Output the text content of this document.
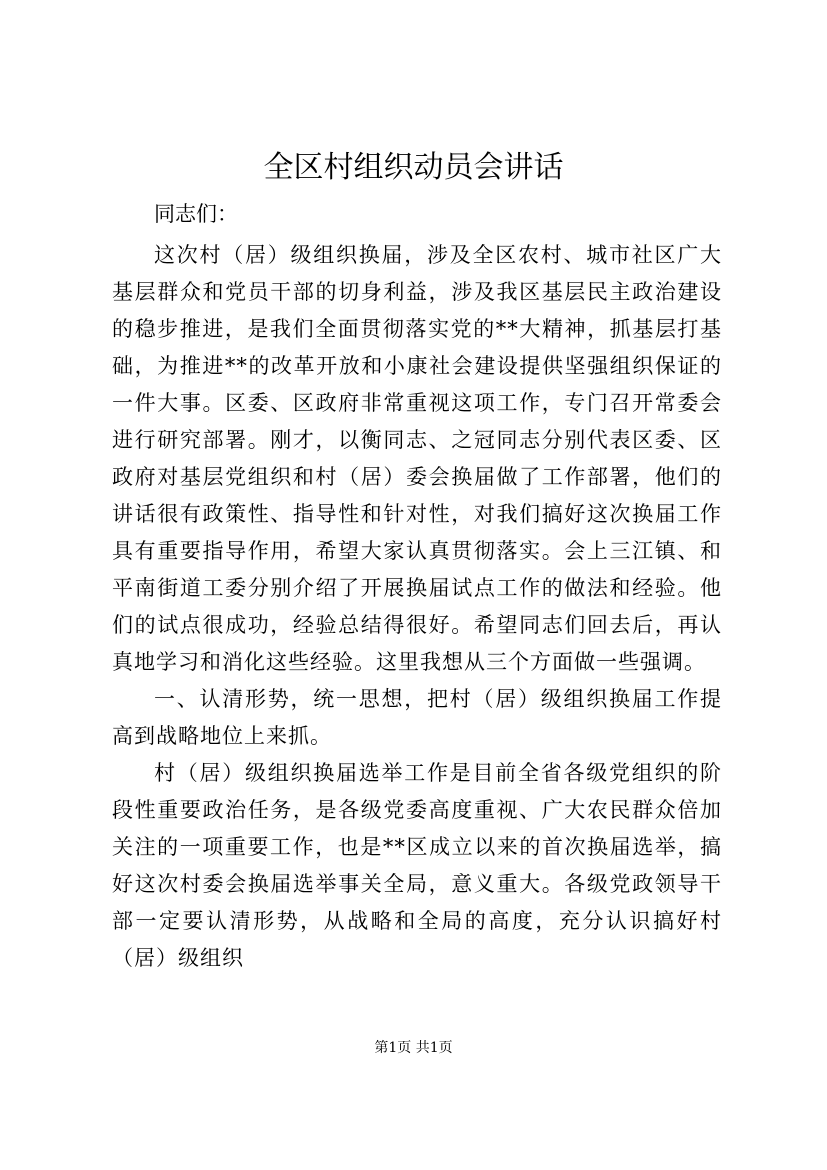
全区村组织动员会讲话

同志们：

这次村（居）级组织换届，涉及全区农村、城市社区广大基层群众和党员干部的切身利益，涉及我区基层民主政治建设的稳步推进，是我们全面贯彻落实党的**大精神，抓基层打基础，为推进**的改革开放和小康社会建设提供坚强组织保证的一件大事。区委、区政府非常重视这项工作，专门召开常委会进行研究部署。刚才，以衡同志、之冠同志分别代表区委、区政府对基层党组织和村（居）委会换届做了工作部署，他们的讲话很有政策性、指导性和针对性，对我们搞好这次换届工作具有重要指导作用，希望大家认真贯彻落实。会上三江镇、和平南街道工委分别介绍了开展换届试点工作的做法和经验。他们的试点很成功，经验总结得很好。希望同志们回去后，再认真地学习和消化这些经验。这里我想从三个方面做一些强调。

一、认清形势，统一思想，把村（居）级组织换届工作提高到战略地位上来抓。

村（居）级组织换届选举工作是目前全省各级党组织的阶段性重要政治任务，是各级党委高度重视、广大农民群众倍加关注的一项重要工作，也是**区成立以来的首次换届选举，搞好这次村委会换届选举事关全局，意义重大。各级党政领导干部一定要认清形势，从战略和全局的高度，充分认识搞好村（居）级组织

第1页 共1页
